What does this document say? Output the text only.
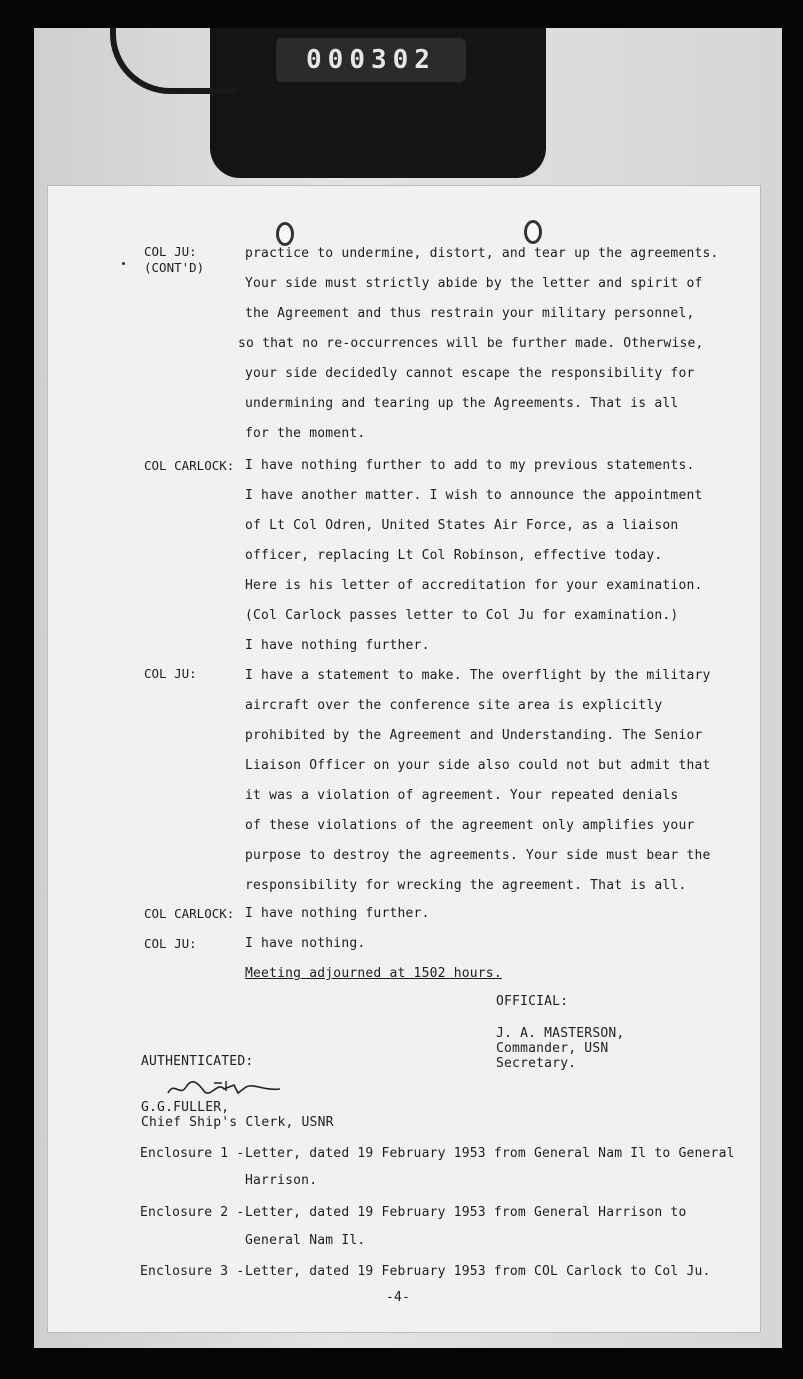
000302
COL JU:
(CONT'D)
practice to undermine, distort, and tear up the agreements.
Your side must strictly abide by the letter and spirit of
the Agreement and thus restrain your military personnel,
so that no re-occurrences will be further made. Otherwise,
your side decidedly cannot escape the responsibility for
undermining and tearing up the Agreements. That is all
for the moment.
COL CARLOCK: I have nothing further to add to my previous statements.
I have another matter. I wish to announce the appointment
of Lt Col Odren, United States Air Force, as a liaison
officer, replacing Lt Col Robinson, effective today.
Here is his letter of accreditation for your examination.
(Col Carlock passes letter to Col Ju for examination.)
I have nothing further.
COL JU:	I have a statement to make. The overflight by the military
aircraft over the conference site area is explicitly
prohibited by the Agreement and Understanding. The Senior
Liaison Officer on your side also could not but admit that
it was a violation of agreement. Your repeated denials
of these violations of the agreement only amplifies your
purpose to destroy the agreements. Your side must bear the
responsibility for wrecking the agreement. That is all.
COL CARLOCK: I have nothing further.
COL JU:	I have nothing.
Meeting adjourned at 1502 hours.
OFFICIAL:
J. A. MASTERSON,
Commander, USN
Secretary.
AUTHENTICATED:
G.G.FULLER,
Chief Ship's Clerk, USNR
Enclosure 1 - Letter, dated 19 February 1953 from General Nam Il to General
Harrison.
Enclosure 2 - Letter, dated 19 February 1953 from General Harrison to
General Nam Il.
Enclosure 3 - Letter, dated 19 February 1953 from COL Carlock to Col Ju.
-4-
